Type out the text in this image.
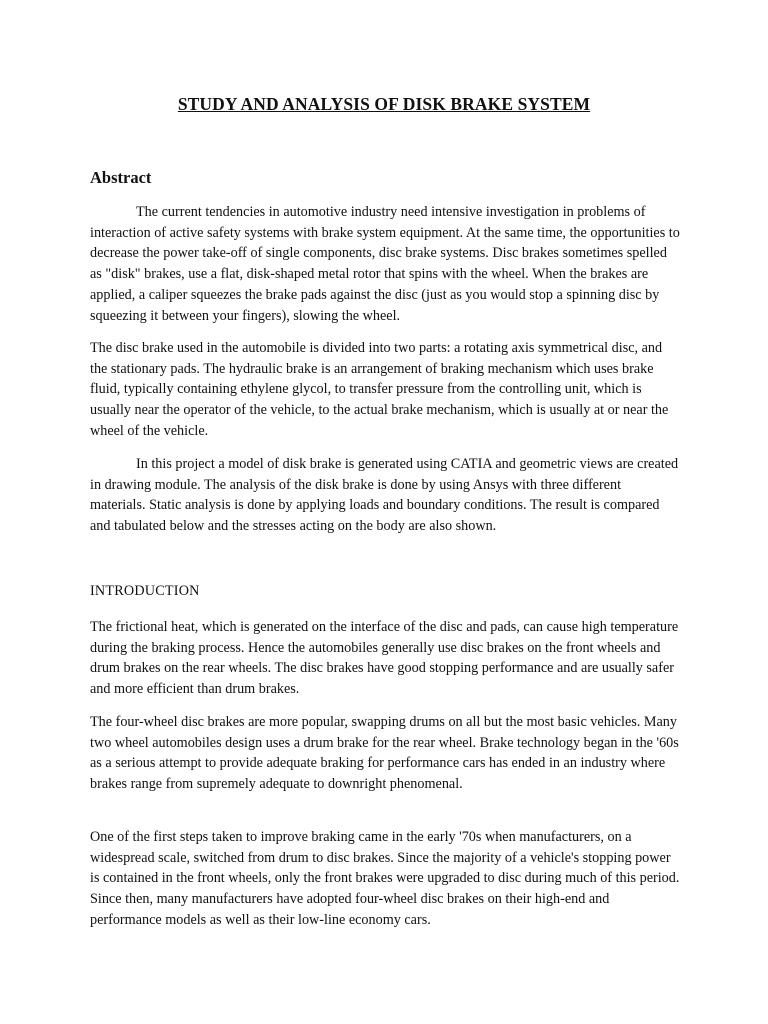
STUDY AND ANALYSIS OF DISK BRAKE SYSTEM
Abstract

The current tendencies in automotive industry need intensive investigation in problems of interaction of active safety systems with brake system equipment. At the same time, the opportunities to decrease the power take-off of single components, disc brake systems. Disc brakes sometimes spelled as "disk" brakes, use a flat, disk-shaped metal rotor that spins with the wheel. When the brakes are applied, a caliper squeezes the brake pads against the disc (just as you would stop a spinning disc by squeezing it between your fingers), slowing the wheel.

The disc brake used in the automobile is divided into two parts: a rotating axis symmetrical disc, and the stationary pads. The hydraulic brake is an arrangement of braking mechanism which uses brake fluid, typically containing ethylene glycol, to transfer pressure from the controlling unit, which is usually near the operator of the vehicle, to the actual brake mechanism, which is usually at or near the wheel of the vehicle.

In this project a model of disk brake is generated using CATIA and geometric views are created in drawing module. The analysis of the disk brake is done by using Ansys with three different materials. Static analysis is done by applying loads and boundary conditions. The result is compared and tabulated below and the stresses acting on the body are also shown.

INTRODUCTION

The frictional heat, which is generated on the interface of the disc and pads, can cause high temperature during the braking process. Hence the automobiles generally use disc brakes on the front wheels and drum brakes on the rear wheels. The disc brakes have good stopping performance and are usually safer and more efficient than drum brakes.

The four-wheel disc brakes are more popular, swapping drums on all but the most basic vehicles. Many two wheel automobiles design uses a drum brake for the rear wheel. Brake technology began in the '60s as a serious attempt to provide adequate braking for performance cars has ended in an industry where brakes range from supremely adequate to downright phenomenal.

One of the first steps taken to improve braking came in the early '70s when manufacturers, on a widespread scale, switched from drum to disc brakes. Since the majority of a vehicle's stopping power is contained in the front wheels, only the front brakes were upgraded to disc during much of this period. Since then, many manufacturers have adopted four-wheel disc brakes on their high-end and performance models as well as their low-line economy cars.
